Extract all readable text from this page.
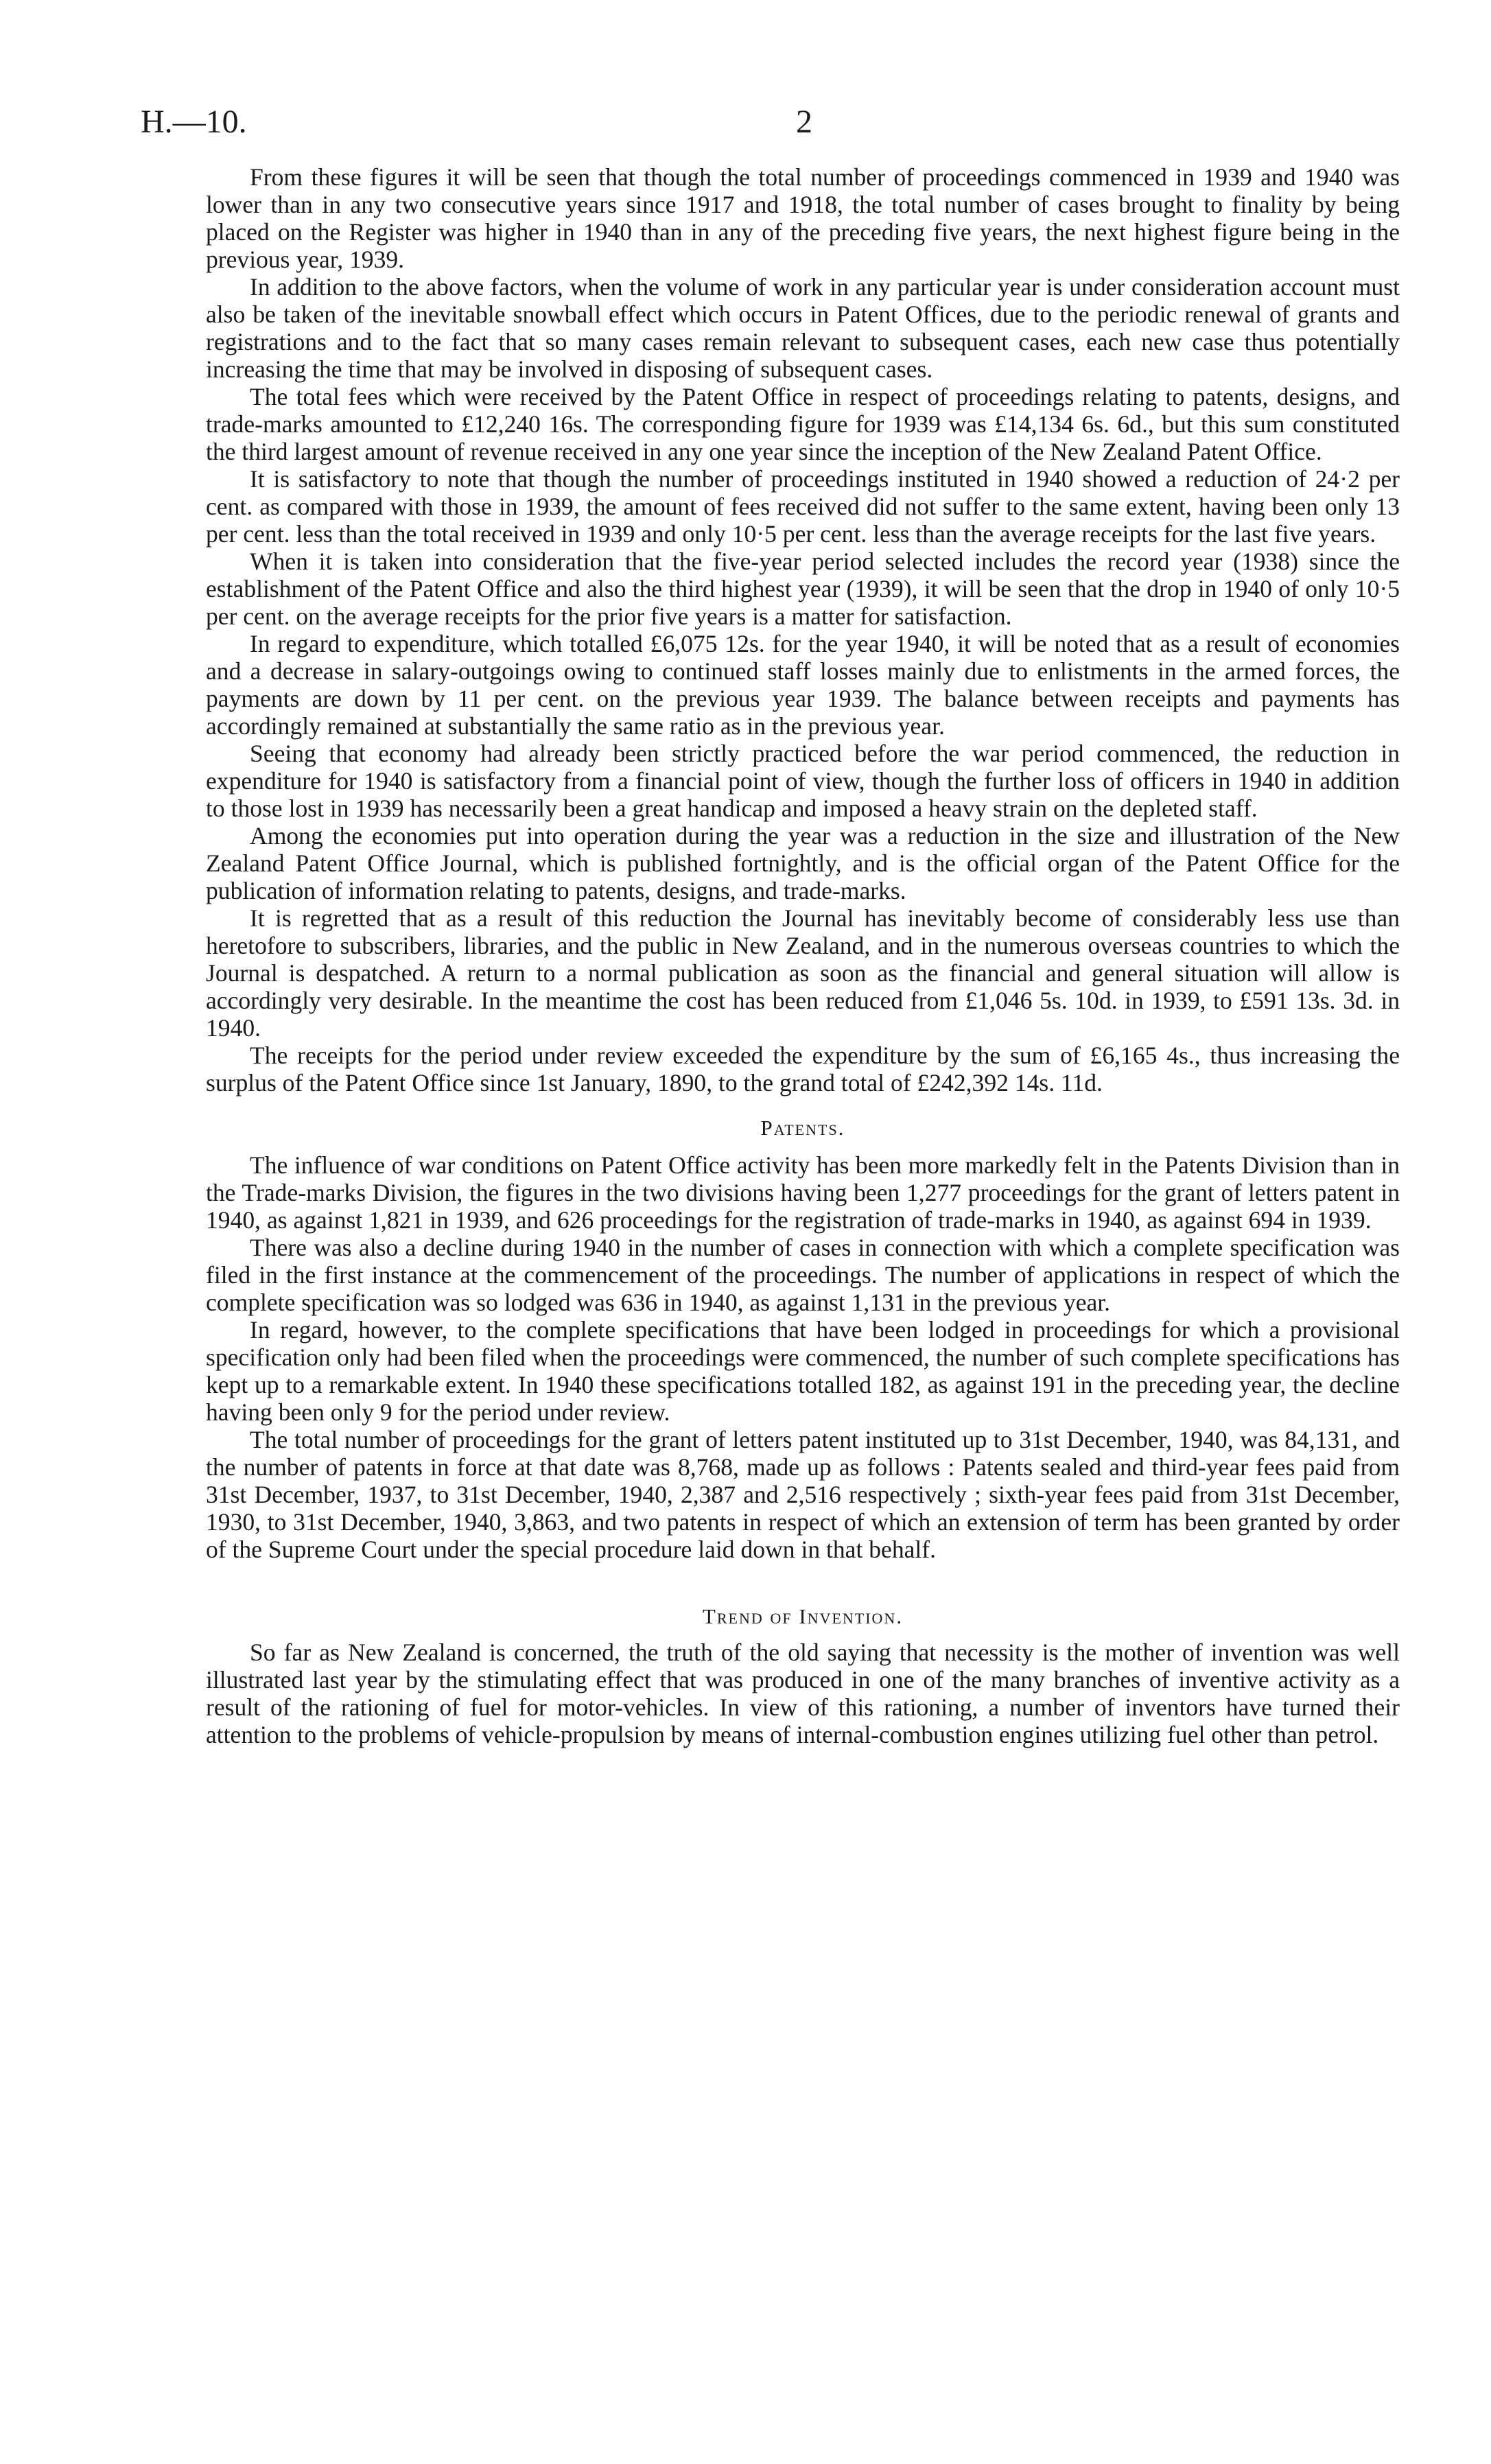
H.—10.	2

From these figures it will be seen that though the total number of proceedings commenced in 1939 and 1940 was lower than in any two consecutive years since 1917 and 1918, the total number of cases brought to finality by being placed on the Register was higher in 1940 than in any of the preceding five years, the next highest figure being in the previous year, 1939.

In addition to the above factors, when the volume of work in any particular year is under consideration account must also be taken of the inevitable snowball effect which occurs in Patent Offices, due to the periodic renewal of grants and registrations and to the fact that so many cases remain relevant to subsequent cases, each new case thus potentially increasing the time that may be involved in disposing of subsequent cases.

The total fees which were received by the Patent Office in respect of proceedings relating to patents, designs, and trade-marks amounted to £12,240 16s. The corresponding figure for 1939 was £14,134 6s. 6d., but this sum constituted the third largest amount of revenue received in any one year since the inception of the New Zealand Patent Office.

It is satisfactory to note that though the number of proceedings instituted in 1940 showed a reduction of 24·2 per cent. as compared with those in 1939, the amount of fees received did not suffer to the same extent, having been only 13 per cent. less than the total received in 1939 and only 10·5 per cent. less than the average receipts for the last five years.

When it is taken into consideration that the five-year period selected includes the record year (1938) since the establishment of the Patent Office and also the third highest year (1939), it will be seen that the drop in 1940 of only 10·5 per cent. on the average receipts for the prior five years is a matter for satisfaction.

In regard to expenditure, which totalled £6,075 12s. for the year 1940, it will be noted that as a result of economies and a decrease in salary-outgoings owing to continued staff losses mainly due to enlistments in the armed forces, the payments are down by 11 per cent. on the previous year 1939. The balance between receipts and payments has accordingly remained at substantially the same ratio as in the previous year.

Seeing that economy had already been strictly practiced before the war period commenced, the reduction in expenditure for 1940 is satisfactory from a financial point of view, though the further loss of officers in 1940 in addition to those lost in 1939 has necessarily been a great handicap and imposed a heavy strain on the depleted staff.

Among the economies put into operation during the year was a reduction in the size and illustration of the New Zealand Patent Office Journal, which is published fortnightly, and is the official organ of the Patent Office for the publication of information relating to patents, designs, and trade-marks.

It is regretted that as a result of this reduction the Journal has inevitably become of considerably less use than heretofore to subscribers, libraries, and the public in New Zealand, and in the numerous overseas countries to which the Journal is despatched. A return to a normal publication as soon as the financial and general situation will allow is accordingly very desirable. In the meantime the cost has been reduced from £1,046 5s. 10d. in 1939, to £591 13s. 3d. in 1940.

The receipts for the period under review exceeded the expenditure by the sum of £6,165 4s., thus increasing the surplus of the Patent Office since 1st January, 1890, to the grand total of £242,392 14s. 11d.

Patents.

The influence of war conditions on Patent Office activity has been more markedly felt in the Patents Division than in the Trade-marks Division, the figures in the two divisions having been 1,277 proceedings for the grant of letters patent in 1940, as against 1,821 in 1939, and 626 proceedings for the registration of trade-marks in 1940, as against 694 in 1939.

There was also a decline during 1940 in the number of cases in connection with which a complete specification was filed in the first instance at the commencement of the proceedings. The number of applications in respect of which the complete specification was so lodged was 636 in 1940, as against 1,131 in the previous year.

In regard, however, to the complete specifications that have been lodged in proceedings for which a provisional specification only had been filed when the proceedings were commenced, the number of such complete specifications has kept up to a remarkable extent. In 1940 these specifications totalled 182, as against 191 in the preceding year, the decline having been only 9 for the period under review.

The total number of proceedings for the grant of letters patent instituted up to 31st December, 1940, was 84,131, and the number of patents in force at that date was 8,768, made up as follows : Patents sealed and third-year fees paid from 31st December, 1937, to 31st December, 1940, 2,387 and 2,516 respectively ; sixth-year fees paid from 31st December, 1930, to 31st December, 1940, 3,863, and two patents in respect of which an extension of term has been granted by order of the Supreme Court under the special procedure laid down in that behalf.

Trend of Invention.

So far as New Zealand is concerned, the truth of the old saying that necessity is the mother of invention was well illustrated last year by the stimulating effect that was produced in one of the many branches of inventive activity as a result of the rationing of fuel for motor-vehicles. In view of this rationing, a number of inventors have turned their attention to the problems of vehicle-propulsion by means of internal-combustion engines utilizing fuel other than petrol.
